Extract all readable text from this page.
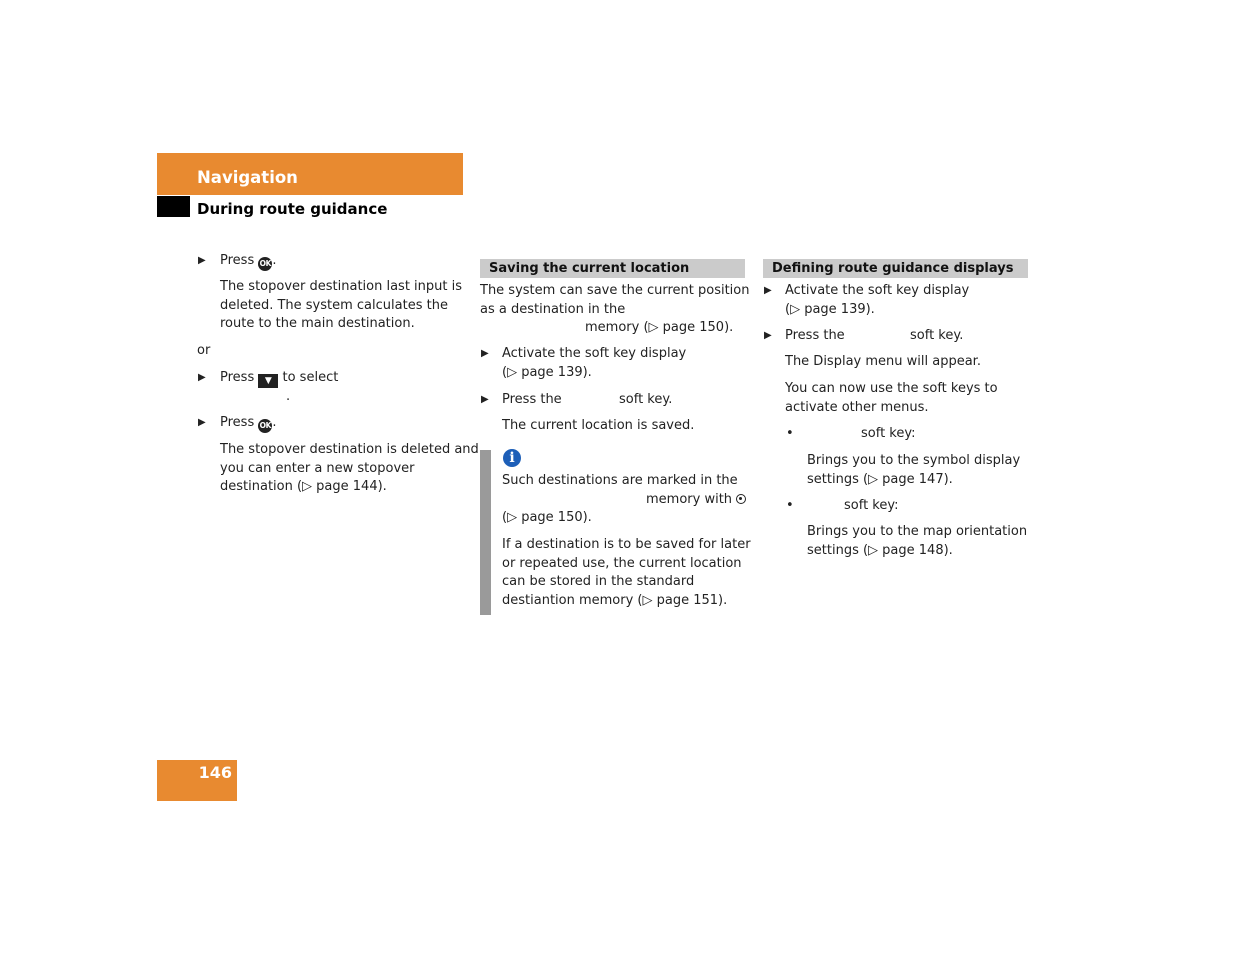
Navigation
During route guidance
▶ Press OK.
The stopover destination last input is
deleted. The system calculates the
route to the main destination.
or
▶ Press ▼ to select
.
▶ Press OK.
The stopover destination is deleted and
you can enter a new stopover
destination (▷ page 144).
Saving the current location
The system can save the current position
as a destination in the
memory (▷ page 150).
▶ Activate the soft key display
(▷ page 139).
▶ Press the	soft key.
The current location is saved.
i
Such destinations are marked in the
memory with
(▷ page 150).
If a destination is to be saved for later
or repeated use, the current location
can be stored in the standard
destiantion memory (▷ page 151).
Defining route guidance displays
▶ Activate the soft key display
(▷ page 139).
▶ Press the	soft key.
The Display menu will appear.
You can now use the soft keys to
activate other menus.
•	soft key:
Brings you to the symbol display
settings (▷ page 147).
•	soft key:
Brings you to the map orientation
settings (▷ page 148).
146
